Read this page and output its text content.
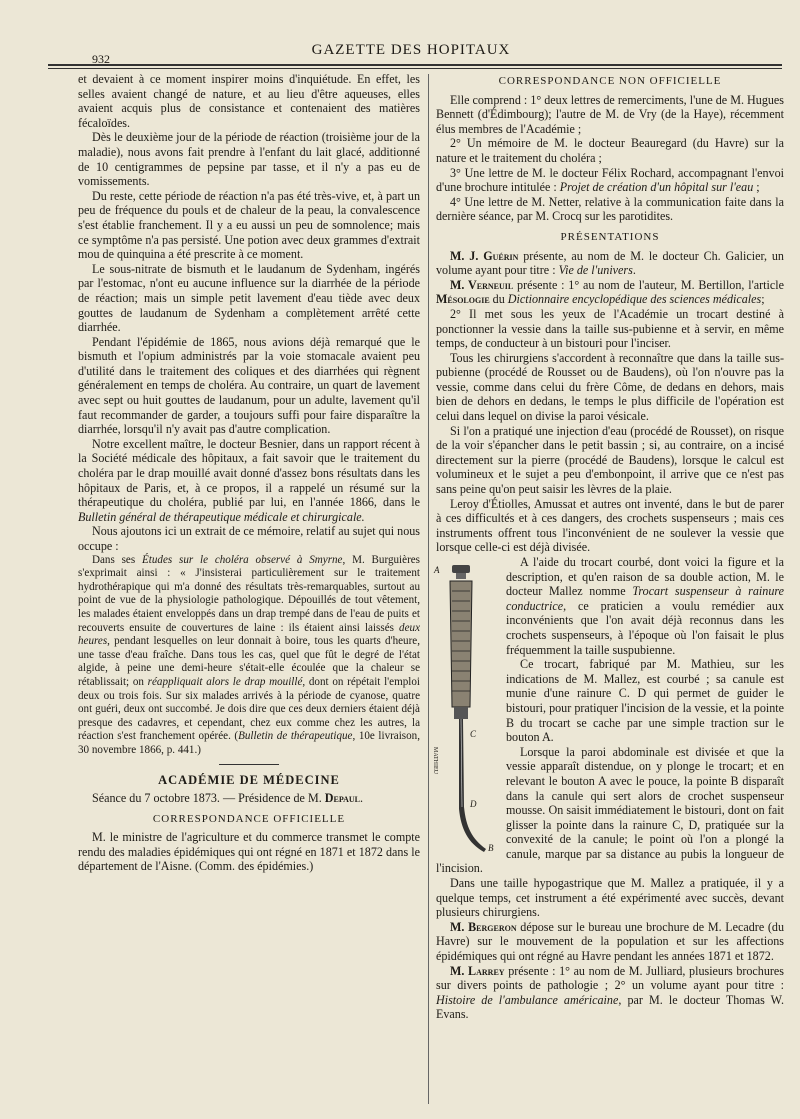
932
GAZETTE DES HOPITAUX

et devaient à ce moment inspirer moins d'inquiétude. En effet, les selles avaient changé de nature, et au lieu d'être aqueuses, elles avaient acquis plus de consistance et contenaient des matières fécaloïdes.

Dès le deuxième jour de la période de réaction (troisième jour de la maladie), nous avons fait prendre à l'enfant du lait glacé, additionné de 10 centigrammes de pepsine par tasse, et il n'y a pas eu de vomissements.

Du reste, cette période de réaction n'a pas été très-vive, et, à part un peu de fréquence du pouls et de chaleur de la peau, la convalescence s'est établie franchement. Il y a eu aussi un peu de somnolence; mais ce symptôme n'a pas persisté. Une potion avec deux grammes d'extrait mou de quinquina a été prescrite à ce moment.

Le sous-nitrate de bismuth et le laudanum de Sydenham, ingérés par l'estomac, n'ont eu aucune influence sur la diarrhée de la période de réaction; mais un simple petit lavement d'eau tiède avec deux gouttes de laudanum de Sydenham a complètement arrêté cette diarrhée.

Pendant l'épidémie de 1865, nous avions déjà remarqué que le bismuth et l'opium administrés par la voie stomacale avaient peu d'utilité dans le traitement des coliques et des diarrhées qui règnent généralement en temps de choléra. Au contraire, un quart de lavement avec sept ou huit gouttes de laudanum, pour un adulte, lavement qu'il faut recommander de garder, a toujours suffi pour faire disparaître la diarrhée, lorsqu'il n'y avait pas d'autre complication.

Notre excellent maître, le docteur Besnier, dans un rapport récent à la Société médicale des hôpitaux, a fait savoir que le traitement du choléra par le drap mouillé avait donné d'assez bons résultats dans les hôpitaux de Paris, et, à ce propos, il a rappelé un résumé sur la thérapeutique du choléra, publié par lui, en l'année 1866, dans le Bulletin général de thérapeutique médicale et chirurgicale.

Nous ajoutons ici un extrait de ce mémoire, relatif au sujet qui nous occupe :

Dans ses Études sur le choléra observé à Smyrne, M. Burguières s'exprimait ainsi : « J'insisterai particulièrement sur le traitement hydrothérapique qui m'a donné des résultats très-remarquables, surtout au point de vue de la physiologie pathologique. Dépouillés de tout vêtement, les malades étaient enveloppés dans un drap trempé dans de l'eau de puits et recouverts ensuite de couvertures de laine : ils étaient ainsi laissés deux heures, pendant lesquelles on leur donnait à boire, tous les quarts d'heure, une tasse d'eau fraîche. Dans tous les cas, quel que fût le degré de l'état algide, à peine une demi-heure s'était-elle écoulée que la chaleur se rétablissait; on réappliquait alors le drap mouillé, dont on répétait l'emploi deux ou trois fois. Sur six malades arrivés à la période de cyanose, quatre ont guéri, deux ont succombé. Je dois dire que ces deux derniers étaient déjà presque des cadavres, et cependant, chez eux comme chez les autres, la réaction s'est franchement opérée. (Bulletin de thérapeutique, 10e livraison, 30 novembre 1866, p. 441.)

ACADÉMIE DE MÉDECINE

Séance du 7 octobre 1873. — Présidence de M. Depaul.

CORRESPONDANCE OFFICIELLE

M. le ministre de l'agriculture et du commerce transmet le compte rendu des maladies épidémiques qui ont régné en 1871 et 1872 dans le département de l'Aisne. (Comm. des épidémies.)

CORRESPONDANCE NON OFFICIELLE

Elle comprend : 1° deux lettres de remerciments, l'une de M. Hugues Bennett (d'Édimbourg); l'autre de M. de Vry (de la Haye), récemment élus membres de l'Académie ;

2° Un mémoire de M. le docteur Beauregard (du Havre) sur la nature et le traitement du choléra ;

3° Une lettre de M. le docteur Félix Rochard, accompagnant l'envoi d'une brochure intitulée : Projet de création d'un hôpital sur l'eau ;

4° Une lettre de M. Netter, relative à la communication faite dans la dernière séance, par M. Crocq sur les parotidites.

PRÉSENTATIONS

M. J. Guérin présente, au nom de M. le docteur Ch. Galicier, un volume ayant pour titre : Vie de l'univers.

M. Verneuil présente : 1° au nom de l'auteur, M. Bertillon, l'article Mésologie du Dictionnaire encyclopédique des sciences médicales;

2° Il met sous les yeux de l'Académie un trocart destiné à ponctionner la vessie dans la taille sus-pubienne et à servir, en même temps, de conducteur à un bistouri pour l'inciser.

Tous les chirurgiens s'accordent à reconnaître que dans la taille sus-pubienne (procédé de Rousset ou de Baudens), où l'on n'ouvre pas la vessie, comme dans celui du frère Côme, de dedans en dehors, mais bien de dehors en dedans, le temps le plus difficile de l'opération est celui dans lequel on divise la paroi vésicale.

Si l'on a pratiqué une injection d'eau (procédé de Rousset), on risque de la voir s'épancher dans le petit bassin ; si, au contraire, on a incisé directement sur la pierre (procédé de Baudens), lorsque le calcul est volumineux et le sujet a peu d'embonpoint, il arrive que ce n'est pas sans peine qu'on peut saisir les lèvres de la plaie.

Leroy d'Étiolles, Amussat et autres ont inventé, dans le but de parer à ces difficultés et à ces dangers, des crochets suspenseurs ; mais ces instruments offrent tous l'inconvénient de ne soulever la vessie que lorsque celle-ci est déjà divisée.

A
B
C
D
MATHIEU

A l'aide du trocart courbé, dont voici la figure et la description, et qu'en raison de sa double action, M. le docteur Mallez nomme Trocart suspenseur à rainure conductrice, ce praticien a voulu remédier aux inconvénients que l'on avait déjà reconnus dans les crochets suspenseurs, à l'époque où l'on faisait le plus fréquemment la taille suspubienne.

Ce trocart, fabriqué par M. Mathieu, sur les indications de M. Mallez, est courbé ; sa canule est munie d'une rainure C. D qui permet de guider le bistouri, pour pratiquer l'incision de la vessie, et la pointe B du trocart se cache par une simple traction sur le bouton A.

Lorsque la paroi abdominale est divisée et que la vessie apparaît distendue, on y plonge le trocart; et en relevant le bouton A avec le pouce, la pointe B disparaît dans la canule qui sert alors de crochet suspenseur mousse. On saisit immédiatement le bistouri, dont on fait glisser la pointe dans la rainure C, D, pratiquée sur la convexité de la canule; le point où l'on a plongé la canule, marque par sa distance au pubis la longueur de l'incision.

Dans une taille hypogastrique que M. Mallez a pratiquée, il y a quelque temps, cet instrument a été expérimenté avec succès, devant plusieurs chirurgiens.

M. Bergeron dépose sur le bureau une brochure de M. Lecadre (du Havre) sur le mouvement de la population et sur les affections épidémiques qui ont régné au Havre pendant les années 1871 et 1872.

M. Larrey présente : 1° au nom de M. Julliard, plusieurs brochures sur divers points de pathologie ; 2° un volume ayant pour titre : Histoire de l'ambulance américaine, par M. le docteur Thomas W. Evans.
